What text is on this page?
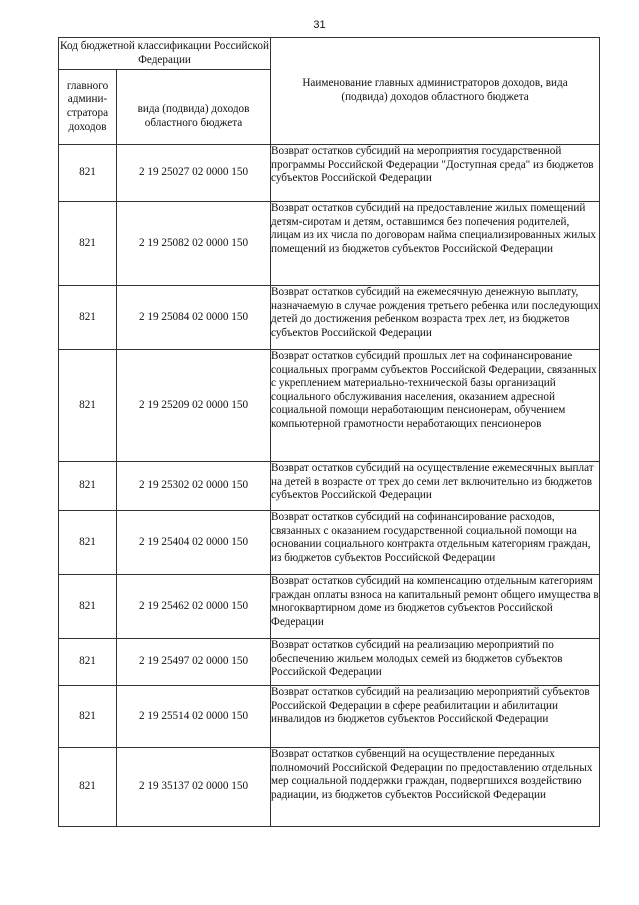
31
Код бюджетной классификации Российской Федерации		Наименование главных администраторов доходов, вида (подвида) доходов областного бюджета
главного админи-стратора доходов	вида (подвида) доходов областного бюджета	
821	2 19 25027 02 0000 150	Возврат остатков субсидий на мероприятия государственной программы Российской Федерации "Доступная среда" из бюджетов субъектов Российской Федерации
821	2 19 25082 02 0000 150	Возврат остатков субсидий на предоставление жилых помещений детям-сиротам и детям, оставшимся без попечения родителей, лицам из их числа по договорам найма специализированных жилых помещений из бюджетов субъектов Российской Федерации
821	2 19 25084 02 0000 150	Возврат остатков субсидий на ежемесячную денежную выплату, назначаемую в случае рождения третьего ребенка или последующих детей до достижения ребенком возраста трех лет, из бюджетов субъектов Российской Федерации
821	2 19 25209 02 0000 150	Возврат остатков субсидий прошлых лет на софинансирование социальных программ субъектов Российской Федерации, связанных с укреплением материально-технической базы организаций социального обслуживания населения, оказанием адресной социальной помощи неработающим пенсионерам, обучением компьютерной грамотности неработающих пенсионеров
821	2 19 25302 02 0000 150	Возврат остатков субсидий на осуществление ежемесячных выплат на детей в возрасте от трех до семи лет включительно из бюджетов субъектов Российской Федерации
821	2 19 25404 02 0000 150	Возврат остатков субсидий на софинансирование расходов, связанных с оказанием государственной социальной помощи на основании социального контракта отдельным категориям граждан, из бюджетов субъектов Российской Федерации
821	2 19 25462 02 0000 150	Возврат остатков субсидий на компенсацию отдельным категориям граждан оплаты взноса на капитальный ремонт общего имущества в многоквартирном доме из бюджетов субъектов Российской Федерации
821	2 19 25497 02 0000 150	Возврат остатков субсидий на реализацию мероприятий по обеспечению жильем молодых семей из бюджетов субъектов Российской Федерации
821	2 19 25514 02 0000 150	Возврат остатков субсидий на реализацию мероприятий субъектов Российской Федерации в сфере реабилитации и абилитации инвалидов из бюджетов субъектов Российской Федерации
821	2 19 35137 02 0000 150	Возврат остатков субвенций на осуществление переданных полномочий Российской Федерации по предоставлению отдельных мер социальной поддержки граждан, подвергшихся воздействию радиации, из бюджетов субъектов Российской Федерации
